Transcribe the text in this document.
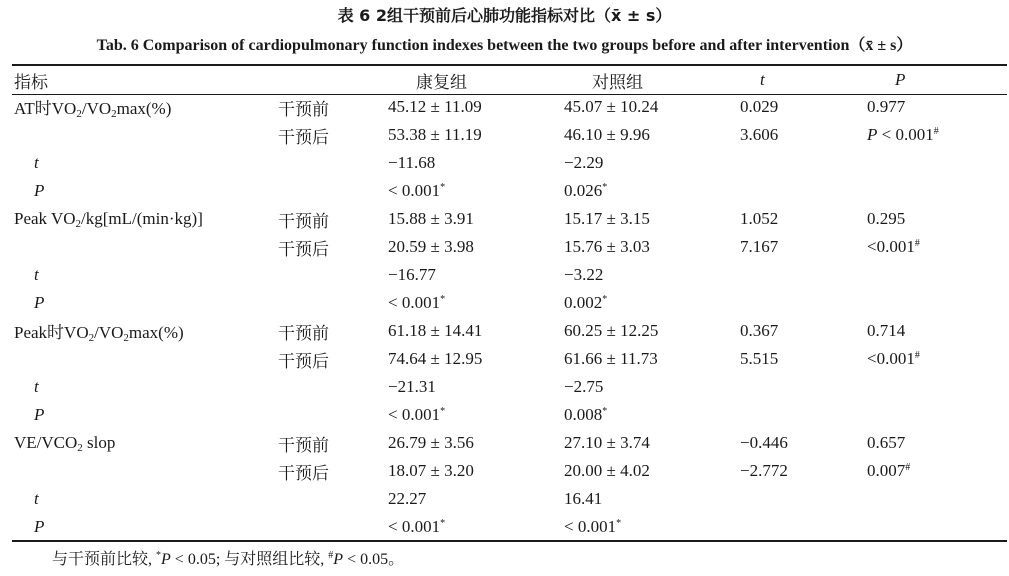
表 6 2组干预前后心肺功能指标对比（x̄ ± s）
Tab. 6 Comparison of cardiopulmonary function indexes between the two groups before and after intervention（x̄ ± s）
指标		康复组	对照组	t	P
AT时$VO_2/VO_2\max(\%)$	干预前	45.12 ± 11.09	45.07 ± 10.24	0.029	0.977
	干预后	53.38 ± 11.19	46.10 ± 9.96	3.606	P < 0.001#
t		−11.68	−2.29		
P		< 0.001*	0.026*		
Peak $VO_2/kg[mL/(\min\cdot kg)]$	干预前	15.88 ± 3.91	15.17 ± 3.15	1.052	0.295
	干预后	20.59 ± 3.98	15.76 ± 3.03	7.167	<0.001#
t		−16.77	−3.22		
P		< 0.001*	0.002*		
Peak时$VO_2/VO_2\max(\%)$	干预前	61.18 ± 14.41	60.25 ± 12.25	0.367	0.714
	干预后	74.64 ± 12.95	61.66 ± 11.73	5.515	<0.001#
t		−21.31	−2.75		
P		< 0.001*	0.008*		
$VE/VCO_2$ slop	干预前	26.79 ± 3.56	27.10 ± 3.74	−0.446	0.657
	干预后	18.07 ± 3.20	20.00 ± 4.02	−2.772	0.007#
t		22.27	16.41		
P		< 0.001*	< 0.001*		
与干预前比较, *P < 0.05; 与对照组比较, #P < 0.05。
